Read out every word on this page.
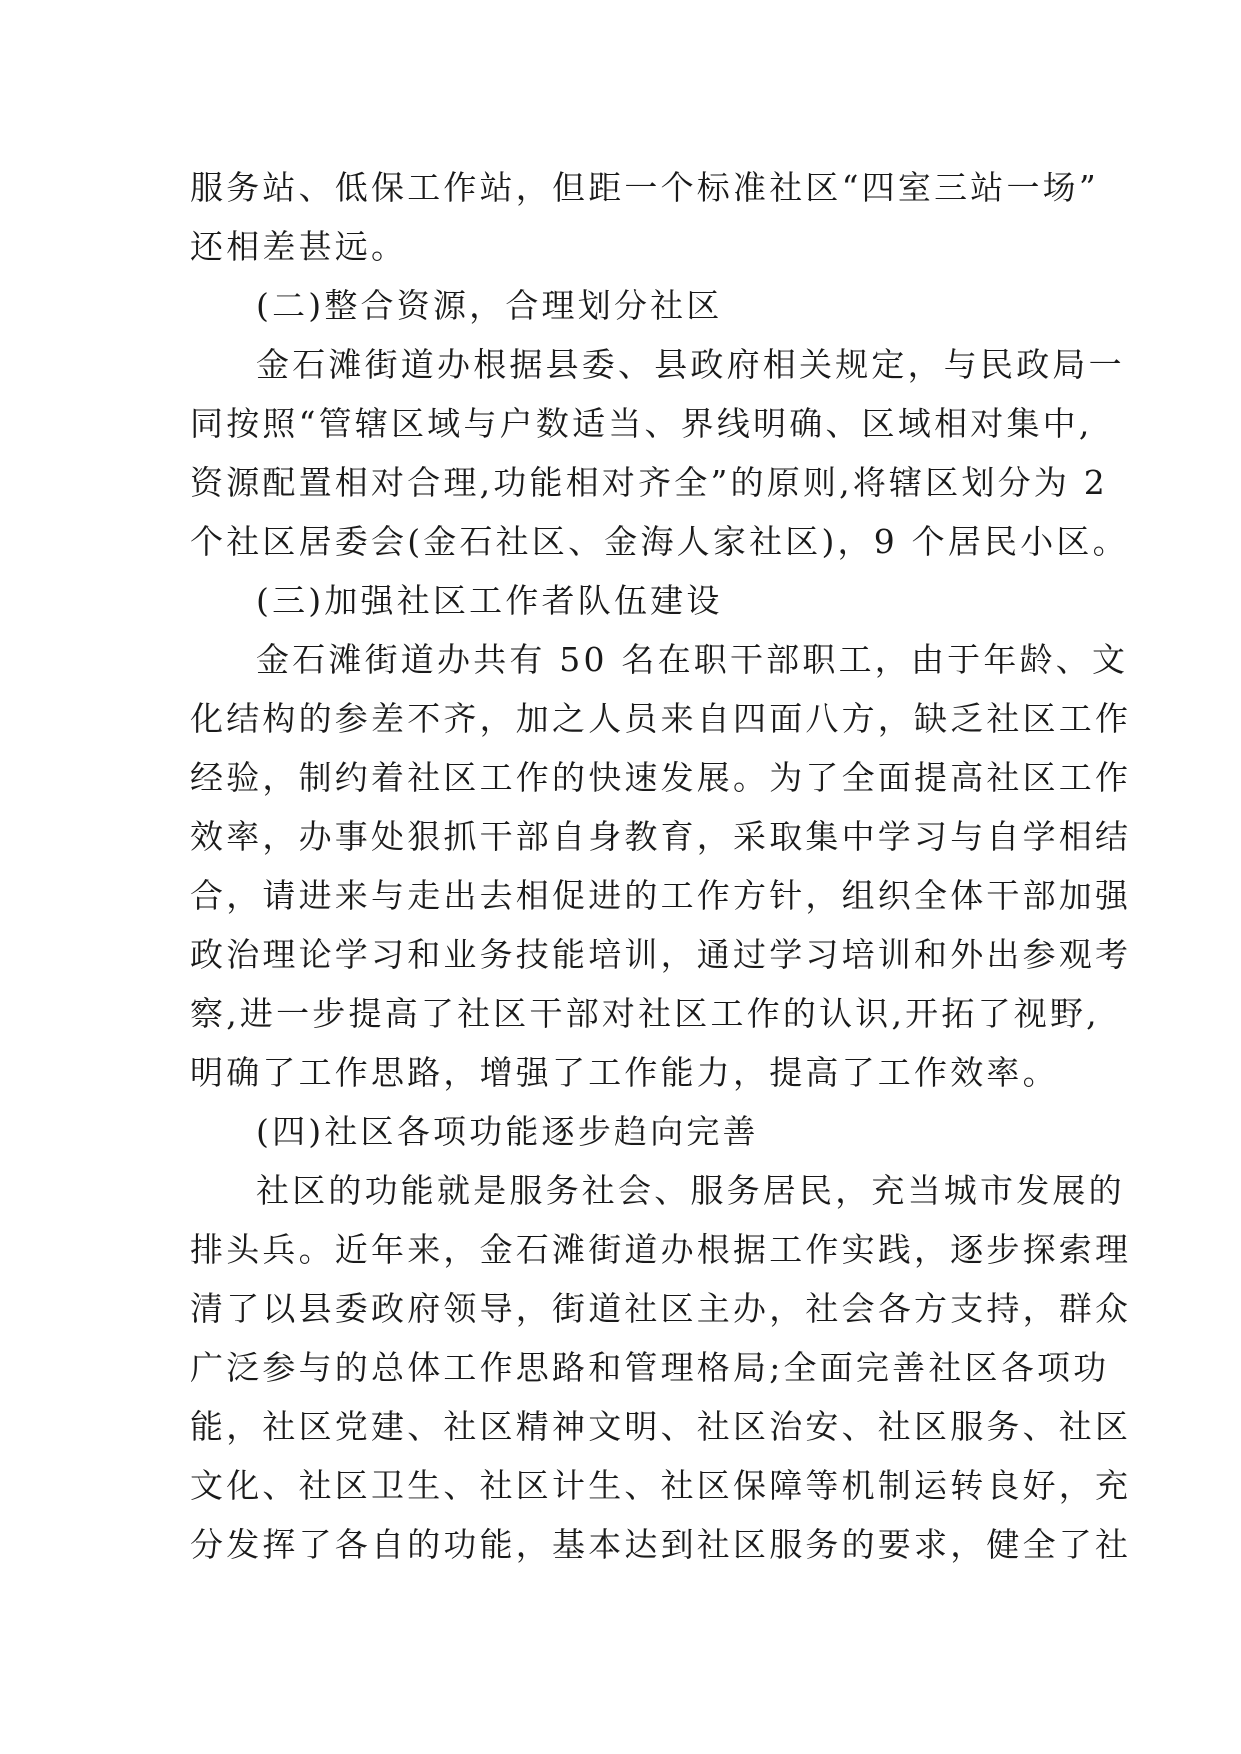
服务站、低保工作站，但距一个标准社区“四室三站一场”
还相差甚远。
(二)整合资源，合理划分社区
金石滩街道办根据县委、县政府相关规定，与民政局一
同按照“管辖区域与户数适当、界线明确、区域相对集中,
资源配置相对合理,功能相对齐全”的原则,将辖区划分为 2
个社区居委会(金石社区、金海人家社区)，9 个居民小区。
(三)加强社区工作者队伍建设
金石滩街道办共有 50 名在职干部职工，由于年龄、文
化结构的参差不齐，加之人员来自四面八方，缺乏社区工作
经验，制约着社区工作的快速发展。为了全面提高社区工作
效率，办事处狠抓干部自身教育，采取集中学习与自学相结
合，请进来与走出去相促进的工作方针，组织全体干部加强
政治理论学习和业务技能培训，通过学习培训和外出参观考
察,进一步提高了社区干部对社区工作的认识,开拓了视野,
明确了工作思路，增强了工作能力，提高了工作效率。
(四)社区各项功能逐步趋向完善
社区的功能就是服务社会、服务居民，充当城市发展的
排头兵。近年来，金石滩街道办根据工作实践，逐步探索理
清了以县委政府领导，街道社区主办，社会各方支持，群众
广泛参与的总体工作思路和管理格局;全面完善社区各项功
能，社区党建、社区精神文明、社区治安、社区服务、社区
文化、社区卫生、社区计生、社区保障等机制运转良好，充
分发挥了各自的功能，基本达到社区服务的要求，健全了社
